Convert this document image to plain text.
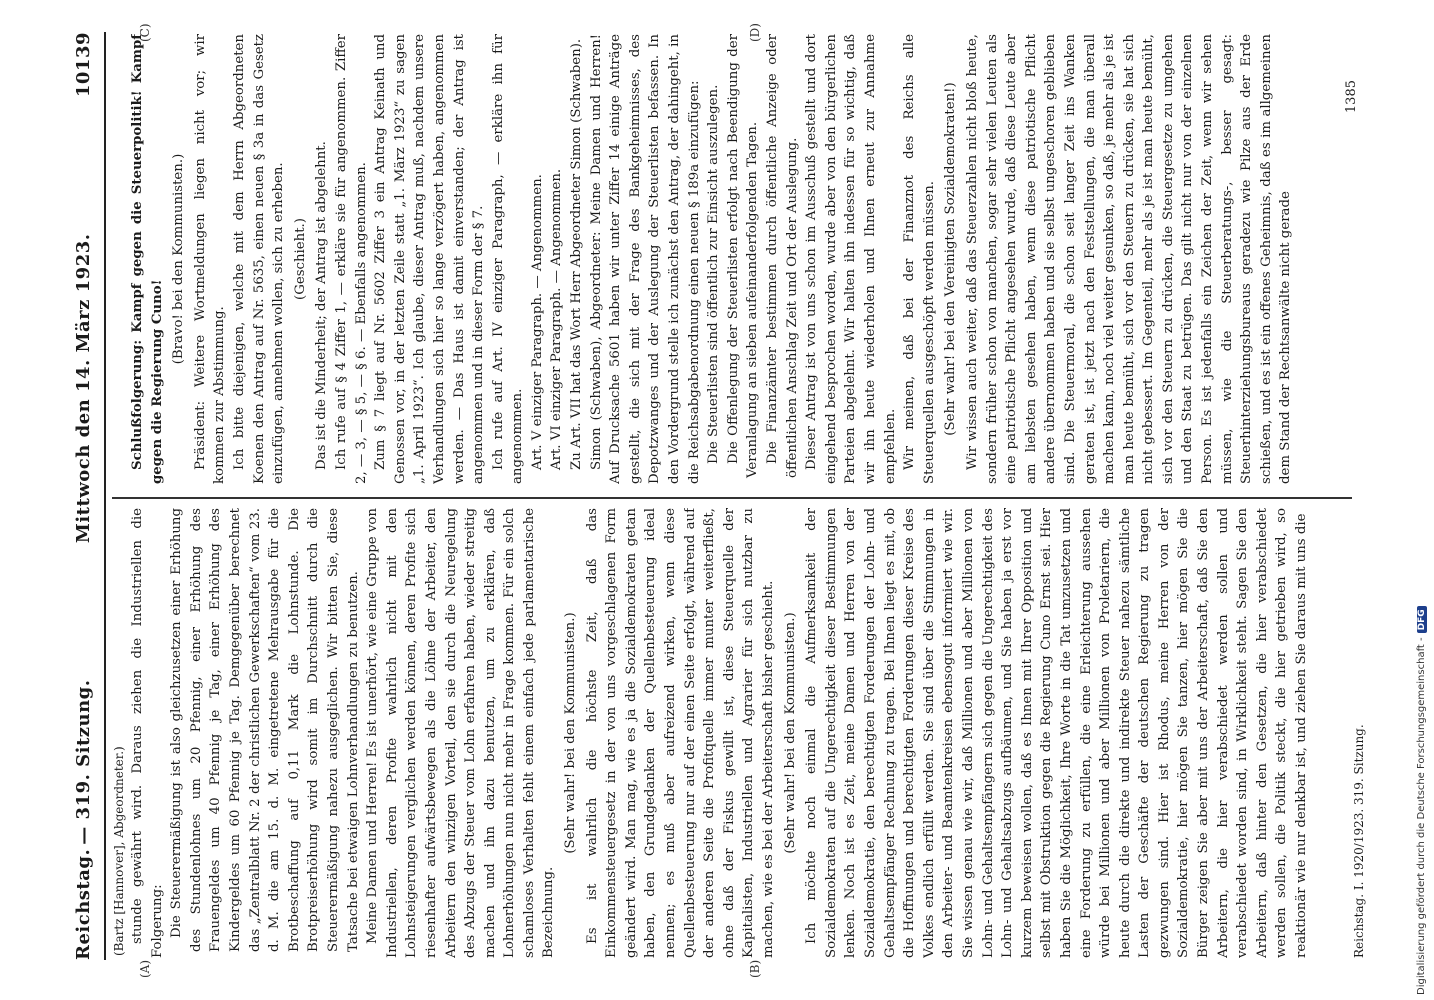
Reichstag.
— 319. Sitzung.
Mittwoch den 14. März 1923.
10139
(Bartz [Hannover], Abgeordneter.)
(A)	(B)
(C)	(D)

stunde gewährt wird. Daraus ziehen die Industriellen die Folgerung: Die Steuerermäßigung ist also gleichzusetzen einer Erhöhung des Stundenlohnes um 20 Pfennig, einer Erhöhung des Frauengeldes um 40 Pfennig je Tag, einer Erhöhung des Kindergeldes um 60 Pfennig je Tag. Demgegenüber berechnet das „Zentralblatt Nr. 2 der christlichen Gewerkschaften“ vom 23. d. M. die am 15. d. M. eingetretene Mehrausgabe für die Brotbeschaffung auf 0,11 Mark die Lohnstunde. Die Brotpreiserhöhung wird somit im Durchschnitt durch die Steuerermäßigung nahezu ausgeglichen. Wir bitten Sie, diese Tatsache bei etwaigen Lohnverhandlungen zu benutzen. Meine Damen und Herren! Es ist unerhört, wie eine Gruppe von Industriellen, deren Profite wahrlich nicht mit den Lohnsteigerungen verglichen werden können, deren Profite sich riesenhafter aufwärtsbewegen als die Löhne der Arbeiter, den Arbeitern den winzigen Vorteil, den sie durch die Neuregelung des Abzugs der Steuer vom Lohn erfahren haben, wieder streitig machen und ihn dazu benutzen, um zu erklären, daß Lohnerhöhungen nun nicht mehr in Frage kommen. Für ein solch schamloses Verhalten fehlt einem einfach jede parlamentarische Bezeichnung.

(Sehr wahr! bei den Kommunisten.) Es ist wahrlich die höchste Zeit, daß das Einkommensteuergesetz in der von uns vorgeschlagenen Form geändert wird. Man mag, wie es ja die Sozialdemokraten getan haben, den Grundgedanken der Quellenbesteuerung ideal nennen; es muß aber aufreizend wirken, wenn diese Quellenbesteuerung nur auf der einen Seite erfolgt, während auf der anderen Seite die Profitquelle immer munter weiterfließt, ohne daß der Fiskus gewillt ist, diese Steuerquelle der Kapitalisten, Industriellen und Agrarier für sich nutzbar zu machen, wie es bei der Arbeiterschaft bisher geschieht. (Sehr wahr! bei den Kommunisten.) Ich möchte noch einmal die Aufmerksamkeit der Sozialdemokraten auf die Ungerechtigkeit dieser Bestimmungen lenken. Noch ist es Zeit, meine Damen und Herren von der Sozialdemokratie, den berechtigten Forderungen der Lohn- und Gehaltsempfänger Rechnung zu tragen. Bei Ihnen liegt es mit, ob die Hoffnungen und berechtigten Forderungen dieser Kreise des Volkes endlich erfüllt werden. Sie sind über die Stimmungen in den Arbeiter- und Beamtenkreisen ebensogut informiert wie wir. Sie wissen genau wie wir, daß Millionen und aber Millionen von Lohn- und Gehaltsempfängern sich gegen die Ungerechtigkeit des Lohn- und Gehaltsabzugs aufbäumen, und Sie haben ja erst vor kurzem beweisen wollen, daß es Ihnen mit Ihrer Opposition und selbst mit Obstruktion gegen die Regierung Cuno Ernst sei. Hier haben Sie die Möglichkeit, Ihre Worte in die Tat umzusetzen und eine Forderung zu erfüllen, die eine Erleichterung aussehen würde bei Millionen und aber Millionen von Proletariern, die heute durch die direkte und indirekte Steuer nahezu sämtliche Lasten der Geschäfte der deutschen Regierung zu tragen gezwungen sind. Hier ist Rhodus, meine Herren von der Sozialdemokratie, hier mögen Sie tanzen, hier mögen Sie die Bürger zeigen Sie aber mit uns der Arbeiterschaft, daß Sie den Arbeitern, die hier verabschiedet werden sollen und verabschiedet worden sind, in Wirklichkeit steht. Sagen Sie den Arbeitern, daß hinter den Gesetzen, die hier verabschiedet werden sollen, die Politik steckt, die hier getrieben wird, so reaktionär wie nur denkbar ist, und ziehen Sie daraus mit uns die

Schlußfolgerung: Kampf gegen die Steuerpolitik! Kampf gegen die Regierung Cuno!

(Bravo! bei den Kommunisten.) Präsident: Weitere Wortmeldungen liegen nicht vor; wir kommen zur Abstimmung. Ich bitte diejenigen, welche mit dem Herrn Abgeordneten Koenen den Antrag auf Nr. 5635, einen neuen § 3a in das Gesetz einzufügen, annehmen wollen, sich zu erheben. (Geschieht.) Das ist die Minderheit; der Antrag ist abgelehnt. Ich rufe auf § 4 Ziffer 1, — erkläre sie für angenommen. Ziffer 2, — 3, — § 5, — § 6. — Ebenfalls angenommen. Zum § 7 liegt auf Nr. 5602 Ziffer 3 ein Antrag Keinath und Genossen vor, in der letzten Zeile statt „1. März 1923“ zu sagen „1. April 1923“. Ich glaube, dieser Antrag muß, nachdem unsere Verhandlungen sich hier so lange verzögert haben, angenommen werden. — Das Haus ist damit einverstanden; der Antrag ist angenommen und in dieser Form der § 7. Ich rufe auf Art. IV einziger Paragraph, — erkläre ihn für angenommen. Art. V einziger Paragraph. — Angenommen. Art. VI einziger Paragraph. — Angenommen. Zu Art. VII hat das Wort Herr Abgeordneter Simon (Schwaben). Simon (Schwaben), Abgeordneter: Meine Damen und Herren! Auf Drucksache 5601 haben wir unter Ziffer 14 einige Anträge gestellt, die sich mit der Frage des Bankgeheimnisses, des Depotzwanges und der Auslegung der Steuerlisten befassen. In den Vordergrund stelle ich zunächst den Antrag, der dahingeht, in die Reichsabgabenordnung einen neuen § 189a einzufügen: Die Steuerlisten sind öffentlich zur Einsicht auszulegen. Die Offenlegung der Steuerlisten erfolgt nach Beendigung der Veranlagung an sieben aufeinanderfolgenden Tagen. Die Finanzämter bestimmen durch öffentliche Anzeige oder öffentlichen Anschlag Zeit und Ort der Auslegung. Dieser Antrag ist von uns schon im Ausschuß gestellt und dort eingehend besprochen worden, wurde aber von den bürgerlichen Parteien abgelehnt. Wir halten ihn indessen für so wichtig, daß wir ihn heute wiederholen und Ihnen erneut zur Annahme empfehlen. Wir meinen, daß bei der Finanznot des Reichs alle Steuerquellen ausgeschöpft werden müssen. (Sehr wahr! bei den Vereinigten Sozialdemokraten!) Wir wissen auch weiter, daß das Steuerzahlen nicht bloß heute, sondern früher schon von manchen, sogar sehr vielen Leuten als eine patriotische Pflicht angesehen wurde, daß diese Leute aber am liebsten gesehen haben, wenn diese patriotische Pflicht andere übernommen haben und sie selbst ungeschoren geblieben sind. Die Steuermoral, die schon seit langer Zeit ins Wanken geraten ist, ist jetzt nach den Feststellungen, die man überall machen kann, noch viel weiter gesunken, so daß, je mehr als je ist man heute bemüht, sich vor den Steuern zu drücken, sie hat sich nicht gebessert. Im Gegenteil, mehr als je ist man heute bemüht, sich vor den Steuern zu drücken, die Steuergesetze zu umgehen und den Staat zu betrügen. Das gilt nicht nur von der einzelnen Person. Es ist jedenfalls ein Zeichen der Zeit, wenn wir sehen müssen, wie die Steuerberatungs-, besser gesagt: Steuerhinterziehungsbureaus geradezu wie Pilze aus der Erde schießen, und es ist ein offenes Geheimnis, daß es im allgemeinen dem Stand der Rechtsanwälte nicht gerade

Reichstag. I. 1920/1923. 319. Sitzung.
1385
Digitalisierung gefördert durch die Deutsche Forschungsgemeinschaft -
DFG
